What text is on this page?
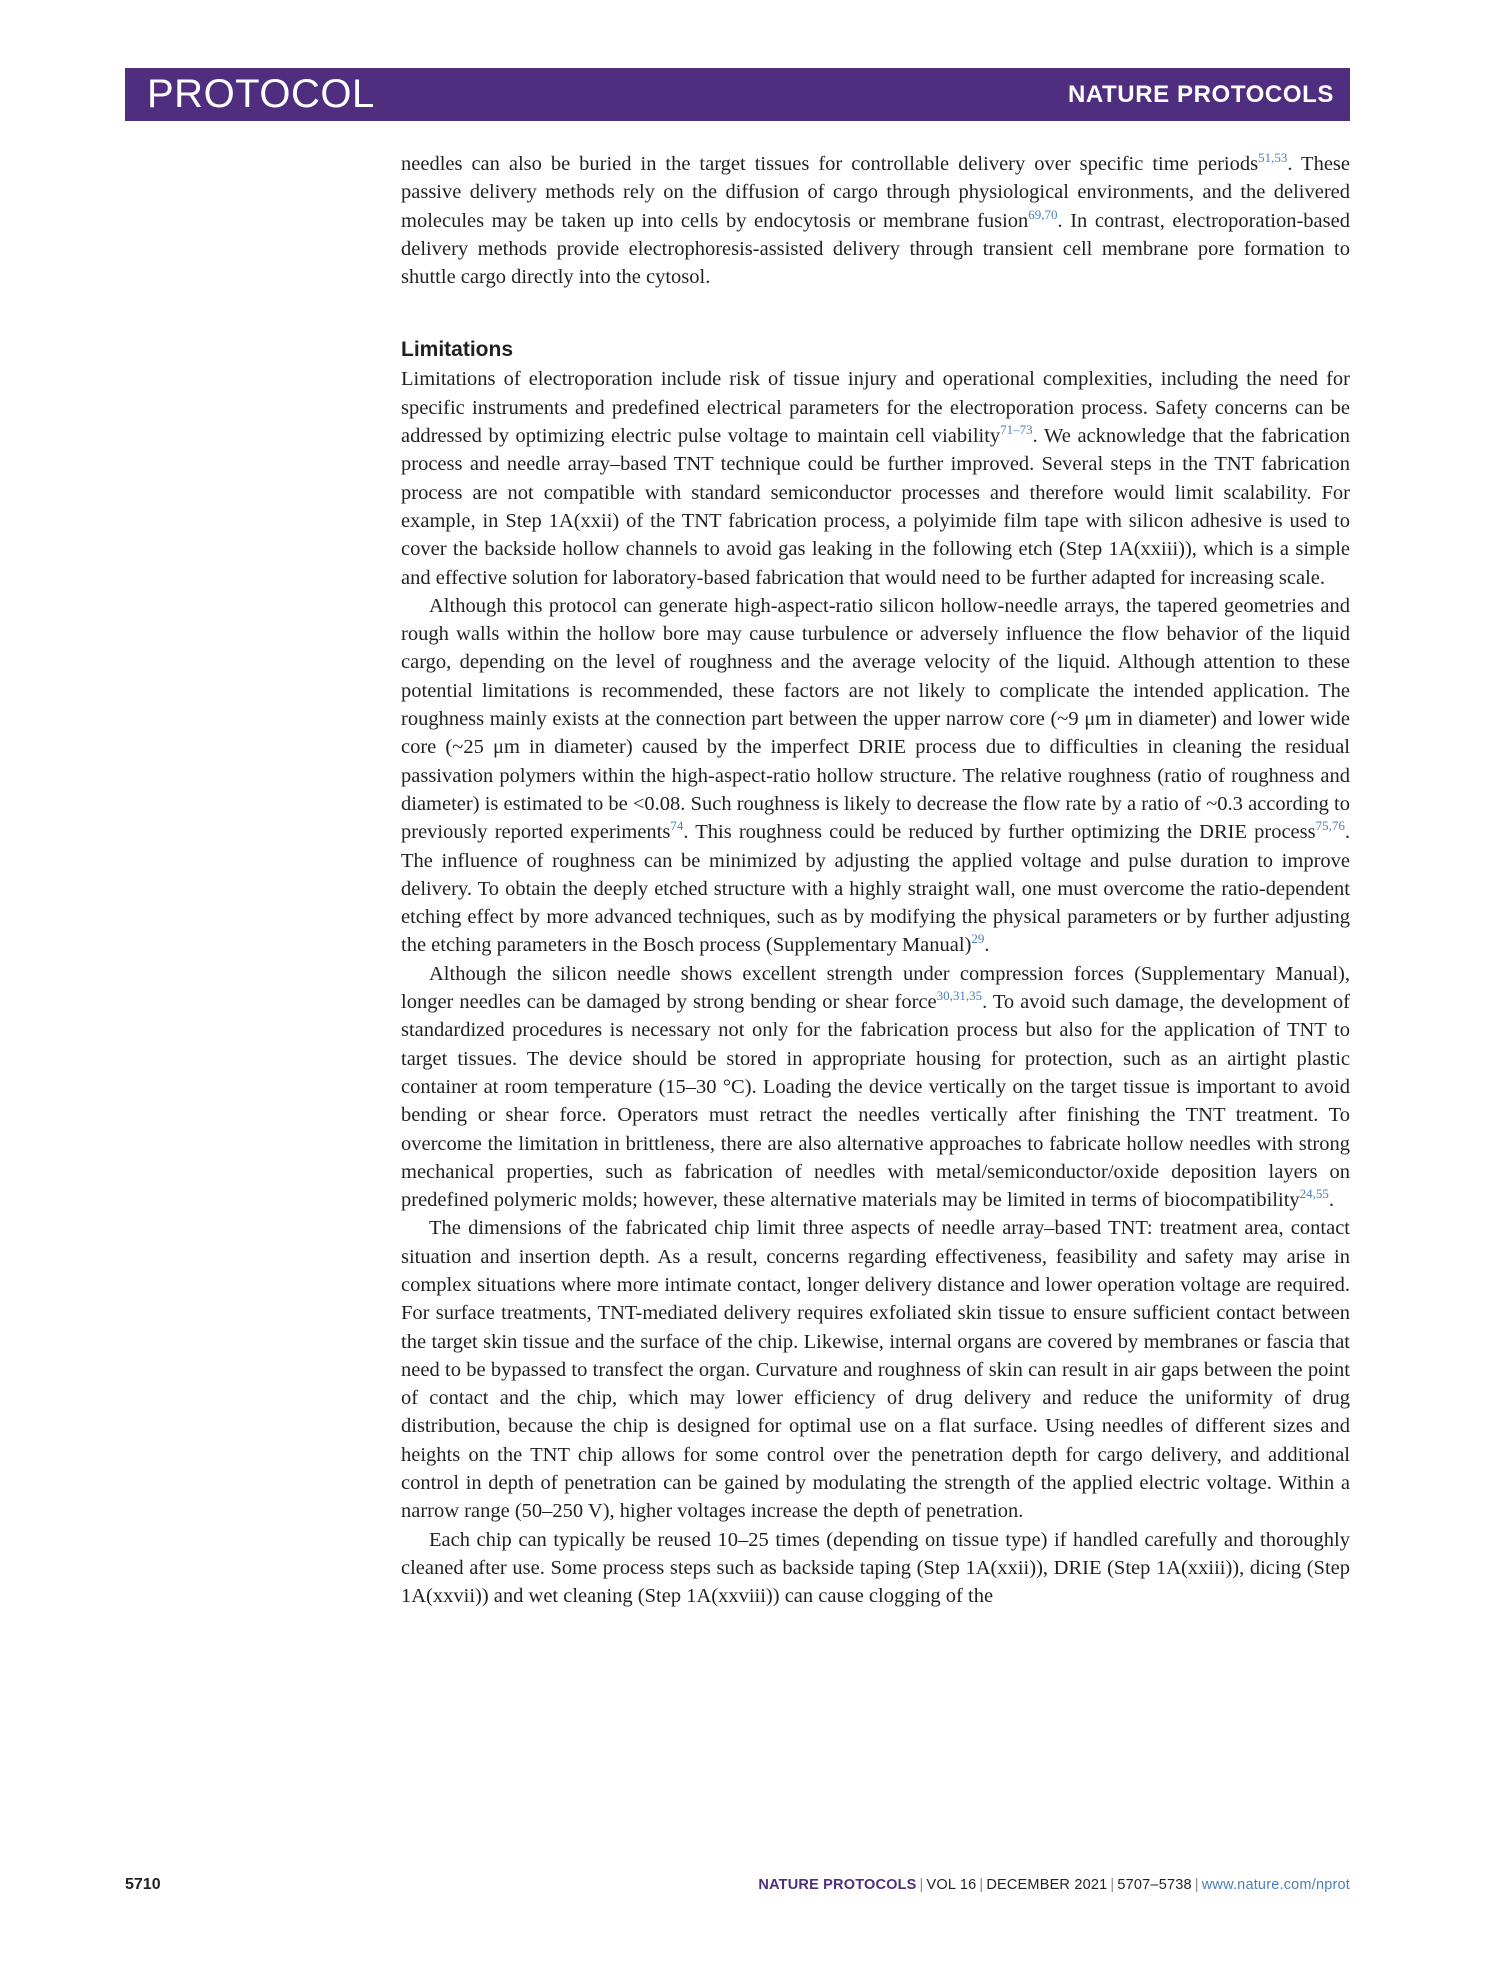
PROTOCOL	NATURE PROTOCOLS

needles can also be buried in the target tissues for controllable delivery over specific time periods$^{51,53}$. These passive delivery methods rely on the diffusion of cargo through physiological environments, and the delivered molecules may be taken up into cells by endocytosis or membrane fusion$^{69,70}$. In contrast, electroporation-based delivery methods provide electrophoresis-assisted delivery through transient cell membrane pore formation to shuttle cargo directly into the cytosol.

Limitations

Limitations of electroporation include risk of tissue injury and operational complexities, including the need for specific instruments and predefined electrical parameters for the electroporation process. Safety concerns can be addressed by optimizing electric pulse voltage to maintain cell viability$^{71-73}$. We acknowledge that the fabrication process and needle array–based TNT technique could be further improved. Several steps in the TNT fabrication process are not compatible with standard semiconductor processes and therefore would limit scalability. For example, in Step 1A(xxii) of the TNT fabrication process, a polyimide film tape with silicon adhesive is used to cover the backside hollow channels to avoid gas leaking in the following etch (Step 1A(xxiii)), which is a simple and effective solution for laboratory-based fabrication that would need to be further adapted for increasing scale.

Although this protocol can generate high-aspect-ratio silicon hollow-needle arrays, the tapered geometries and rough walls within the hollow bore may cause turbulence or adversely influence the flow behavior of the liquid cargo, depending on the level of roughness and the average velocity of the liquid. Although attention to these potential limitations is recommended, these factors are not likely to complicate the intended application. The roughness mainly exists at the connection part between the upper narrow core (~9 μm in diameter) and lower wide core (~25 μm in diameter) caused by the imperfect DRIE process due to difficulties in cleaning the residual passivation polymers within the high-aspect-ratio hollow structure. The relative roughness (ratio of roughness and diameter) is estimated to be <0.08. Such roughness is likely to decrease the flow rate by a ratio of ~0.3 according to previously reported experiments$^{74}$. This roughness could be reduced by further optimizing the DRIE process$^{75,76}$. The influence of roughness can be minimized by adjusting the applied voltage and pulse duration to improve delivery. To obtain the deeply etched structure with a highly straight wall, one must overcome the ratio-dependent etching effect by more advanced techniques, such as by modifying the physical parameters or by further adjusting the etching parameters in the Bosch process (Supplementary Manual)$^{29}$.

Although the silicon needle shows excellent strength under compression forces (Supplementary Manual), longer needles can be damaged by strong bending or shear force$^{30,31,35}$. To avoid such damage, the development of standardized procedures is necessary not only for the fabrication process but also for the application of TNT to target tissues. The device should be stored in appropriate housing for protection, such as an airtight plastic container at room temperature (15–30 °C). Loading the device vertically on the target tissue is important to avoid bending or shear force. Operators must retract the needles vertically after finishing the TNT treatment. To overcome the limitation in brittleness, there are also alternative approaches to fabricate hollow needles with strong mechanical properties, such as fabrication of needles with metal/semiconductor/oxide deposition layers on predefined polymeric molds; however, these alternative materials may be limited in terms of biocompatibility$^{24,55}$.

The dimensions of the fabricated chip limit three aspects of needle array–based TNT: treatment area, contact situation and insertion depth. As a result, concerns regarding effectiveness, feasibility and safety may arise in complex situations where more intimate contact, longer delivery distance and lower operation voltage are required. For surface treatments, TNT-mediated delivery requires exfoliated skin tissue to ensure sufficient contact between the target skin tissue and the surface of the chip. Likewise, internal organs are covered by membranes or fascia that need to be bypassed to transfect the organ. Curvature and roughness of skin can result in air gaps between the point of contact and the chip, which may lower efficiency of drug delivery and reduce the uniformity of drug distribution, because the chip is designed for optimal use on a flat surface. Using needles of different sizes and heights on the TNT chip allows for some control over the penetration depth for cargo delivery, and additional control in depth of penetration can be gained by modulating the strength of the applied electric voltage. Within a narrow range (50–250 V), higher voltages increase the depth of penetration.

Each chip can typically be reused 10–25 times (depending on tissue type) if handled carefully and thoroughly cleaned after use. Some process steps such as backside taping (Step 1A(xxii)), DRIE (Step 1A(xxiii)), dicing (Step 1A(xxvii)) and wet cleaning (Step 1A(xxviii)) can cause clogging of the

5710	NATURE PROTOCOLS | VOL 16 | DECEMBER 2021 | 5707–5738 | www.nature.com/nprot
